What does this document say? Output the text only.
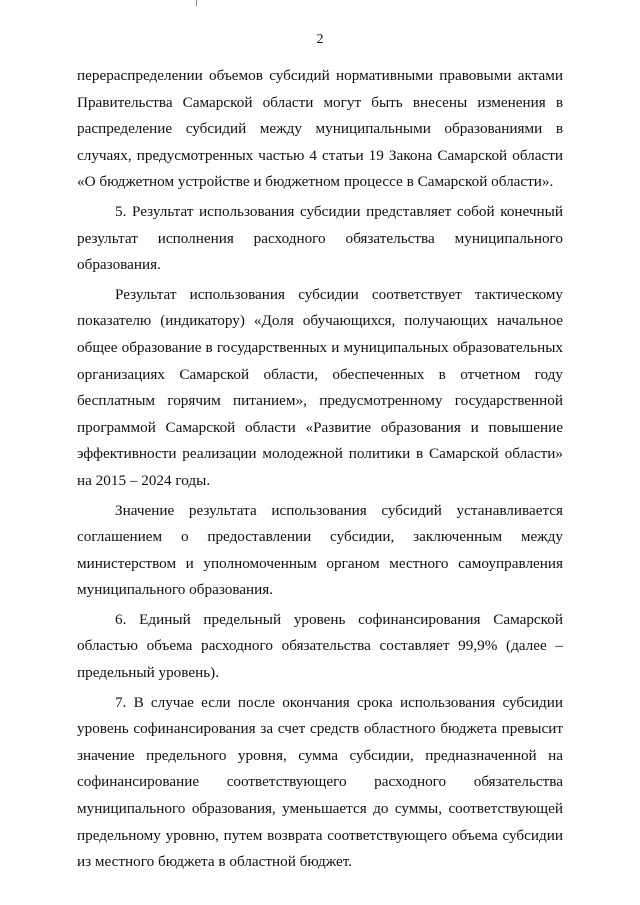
2

перераспределении объемов субсидий нормативными правовыми актами Правительства Самарской области могут быть внесены изменения в распределение субсидий между муниципальными образованиями в случаях, предусмотренных частью 4 статьи 19 Закона Самарской области «О бюджетном устройстве и бюджетном процессе в Самарской области».

5. Результат использования субсидии представляет собой конечный результат исполнения расходного обязательства муниципального образования.

Результат использования субсидии соответствует тактическому показателю (индикатору) «Доля обучающихся, получающих начальное общее образование в государственных и муниципальных образовательных организациях Самарской области, обеспеченных в отчетном году бесплатным горячим питанием», предусмотренному государственной программой Самарской области «Развитие образования и повышение эффективности реализации молодежной политики в Самарской области» на 2015 – 2024 годы.

Значение результата использования субсидий устанавливается соглашением о предоставлении субсидии, заключенным между министерством и уполномоченным органом местного самоуправления муниципального образования.

6. Единый предельный уровень софинансирования Самарской областью объема расходного обязательства составляет 99,9% (далее – предельный уровень).

7. В случае если после окончания срока использования субсидии уровень софинансирования за счет средств областного бюджета превысит значение предельного уровня, сумма субсидии, предназначенной на софинансирование соответствующего расходного обязательства муниципального образования, уменьшается до суммы, соответствующей предельному уровню, путем возврата соответствующего объема субсидии из местного бюджета в областной бюджет.
